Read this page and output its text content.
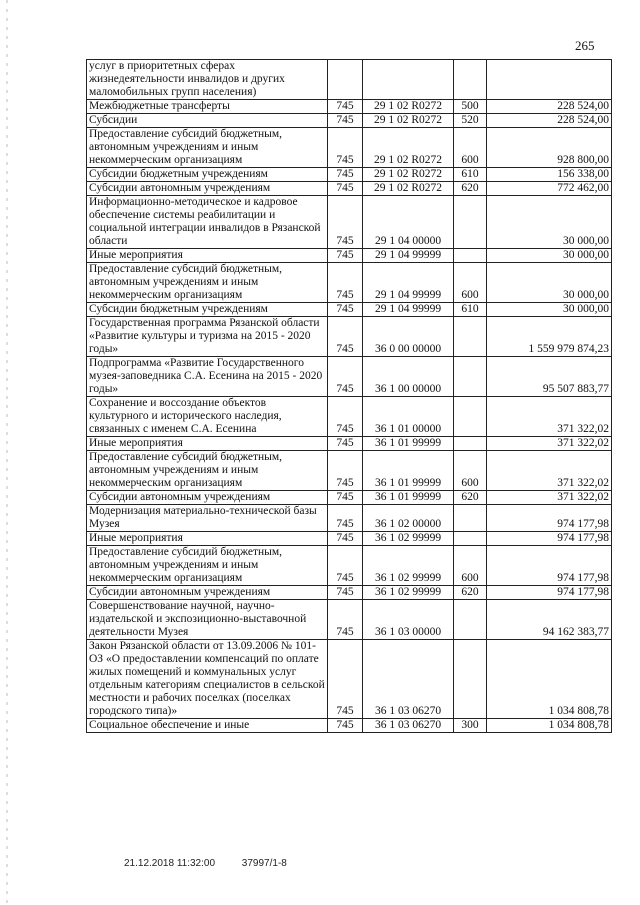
265
услуг в приоритетных сферах жизнедеятельности инвалидов и других маломобильных групп населения)				
Межбюджетные трансферты	745	29 1 02 R0272	500	228 524,00
Субсидии	745	29 1 02 R0272	520	228 524,00
Предоставление субсидий бюджетным, автономным учреждениям и иным некоммерческим организациям	745	29 1 02 R0272	600	928 800,00
Субсидии бюджетным учреждениям	745	29 1 02 R0272	610	156 338,00
Субсидии автономным учреждениям	745	29 1 02 R0272	620	772 462,00
Информационно-методическое и кадровое обеспечение системы реабилитации и социальной интеграции инвалидов в Рязанской области	745	29 1 04 00000		30 000,00
Иные мероприятия	745	29 1 04 99999		30 000,00
Предоставление субсидий бюджетным, автономным учреждениям и иным некоммерческим организациям	745	29 1 04 99999	600	30 000,00
Субсидии бюджетным учреждениям	745	29 1 04 99999	610	30 000,00
Государственная программа Рязанской области «Развитие культуры и туризма на 2015 - 2020 годы»	745	36 0 00 00000		1 559 979 874,23
Подпрограмма «Развитие Государственного музея-заповедника С.А. Есенина на 2015 - 2020 годы»	745	36 1 00 00000		95 507 883,77
Сохранение и воссоздание объектов культурного и исторического наследия, связанных с именем С.А. Есенина	745	36 1 01 00000		371 322,02
Иные мероприятия	745	36 1 01 99999		371 322,02
Предоставление субсидий бюджетным, автономным учреждениям и иным некоммерческим организациям	745	36 1 01 99999	600	371 322,02
Субсидии автономным учреждениям	745	36 1 01 99999	620	371 322,02
Модернизация материально-технической базы Музея	745	36 1 02 00000		974 177,98
Иные мероприятия	745	36 1 02 99999		974 177,98
Предоставление субсидий бюджетным, автономным учреждениям и иным некоммерческим организациям	745	36 1 02 99999	600	974 177,98
Субсидии автономным учреждениям	745	36 1 02 99999	620	974 177,98
Совершенствование научной, научно-издательской и экспозиционно-выставочной деятельности Музея	745	36 1 03 00000		94 162 383,77
Закон Рязанской области от 13.09.2006 № 101-ОЗ «О предоставлении компенсаций по оплате жилых помещений и коммунальных услуг отдельным категориям специалистов в сельской местности и рабочих поселках (поселках городского типа)»	745	36 1 03 06270		1 034 808,78
Социальное обеспечение и иные	745	36 1 03 06270	300	1 034 808,78
21.12.2018 11:32:00	37997/1-8
